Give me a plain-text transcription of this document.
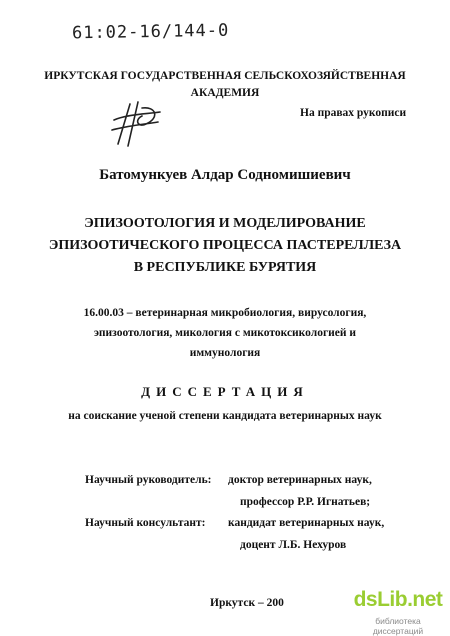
61:02-16/144-0
ИРКУТСКАЯ ГОСУДАРСТВЕННАЯ СЕЛЬСКОХОЗЯЙСТВЕННАЯ
АКАДЕМИЯ
На правах рукописи
Батомункуев Алдар Содномишиевич
ЭПИЗООТОЛОГИЯ И МОДЕЛИРОВАНИЕ
ЭПИЗООТИЧЕСКОГО ПРОЦЕССА ПАСТЕРЕЛЛЕЗА
В РЕСПУБЛИКЕ БУРЯТИЯ
16.00.03 – ветеринарная микробиология, вирусология,
эпизоотология, микология с микотоксикологией и
иммунология
ДИССЕРТАЦИЯ
на соискание ученой степени кандидата ветеринарных наук
Научный руководитель: доктор ветеринарных наук,
профессор Р.Р. Игнатьев;
Научный консультант: кандидат ветеринарных наук,
доцент Л.Б. Нехуров
Иркутск – 200	dsLib.net
библиотека диссертаций
